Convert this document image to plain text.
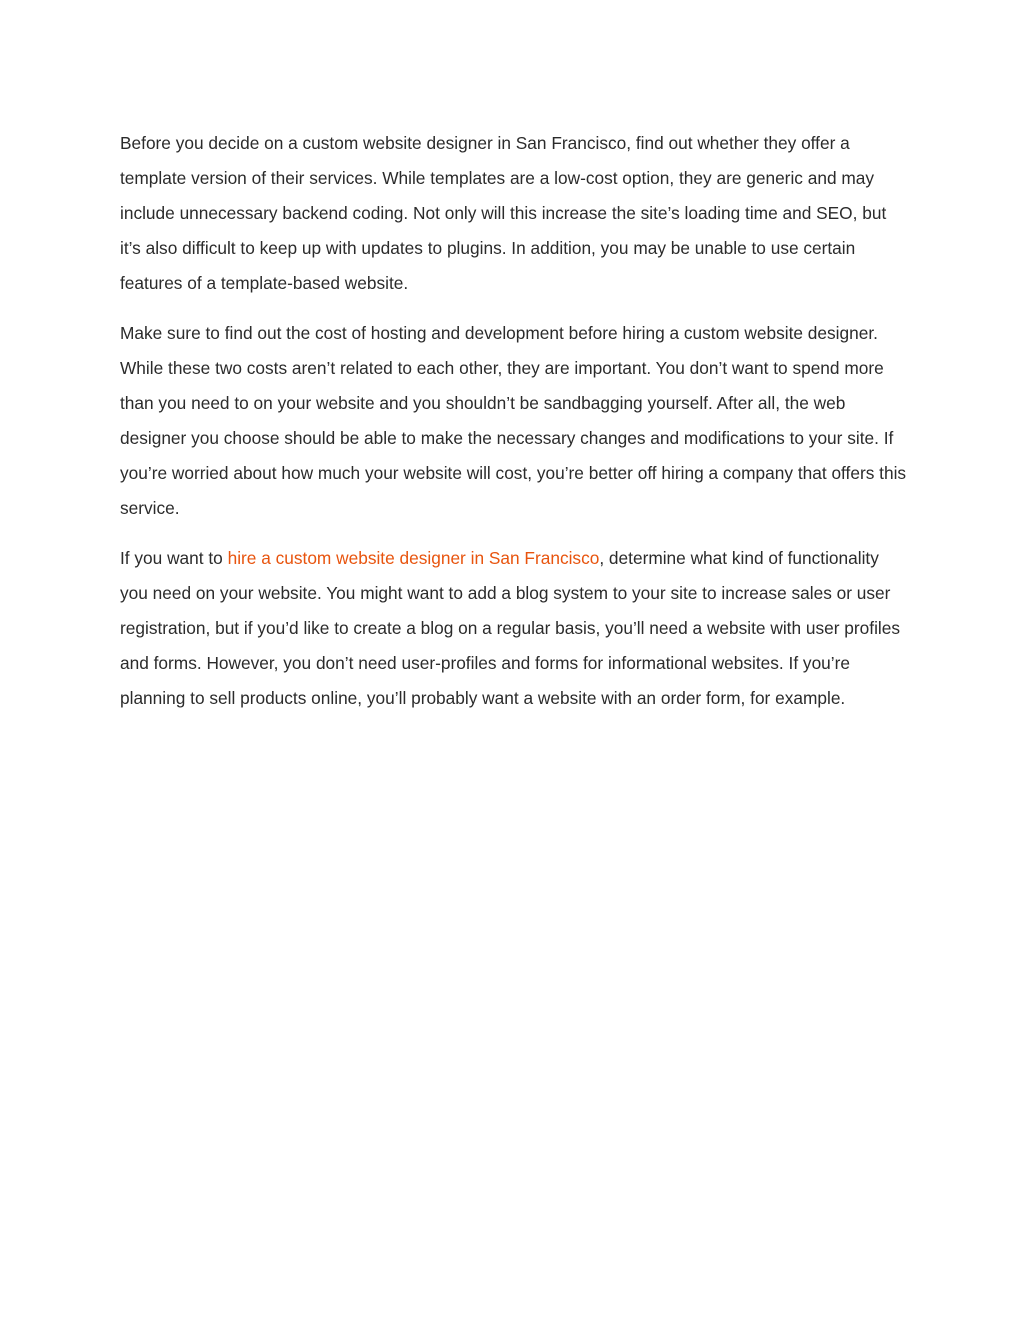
Before you decide on a custom website designer in San Francisco, find out whether they offer a template version of their services. While templates are a low-cost option, they are generic and may include unnecessary backend coding. Not only will this increase the site’s loading time and SEO, but it’s also difficult to keep up with updates to plugins. In addition, you may be unable to use certain features of a template-based website.

Make sure to find out the cost of hosting and development before hiring a custom website designer. While these two costs aren’t related to each other, they are important. You don’t want to spend more than you need to on your website and you shouldn’t be sandbagging yourself. After all, the web designer you choose should be able to make the necessary changes and modifications to your site. If you’re worried about how much your website will cost, you’re better off hiring a company that offers this service.

If you want to hire a custom website designer in San Francisco, determine what kind of functionality you need on your website. You might want to add a blog system to your site to increase sales or user registration, but if you’d like to create a blog on a regular basis, you’ll need a website with user profiles and forms. However, you don’t need user-profiles and forms for informational websites. If you’re planning to sell products online, you’ll probably want a website with an order form, for example.
